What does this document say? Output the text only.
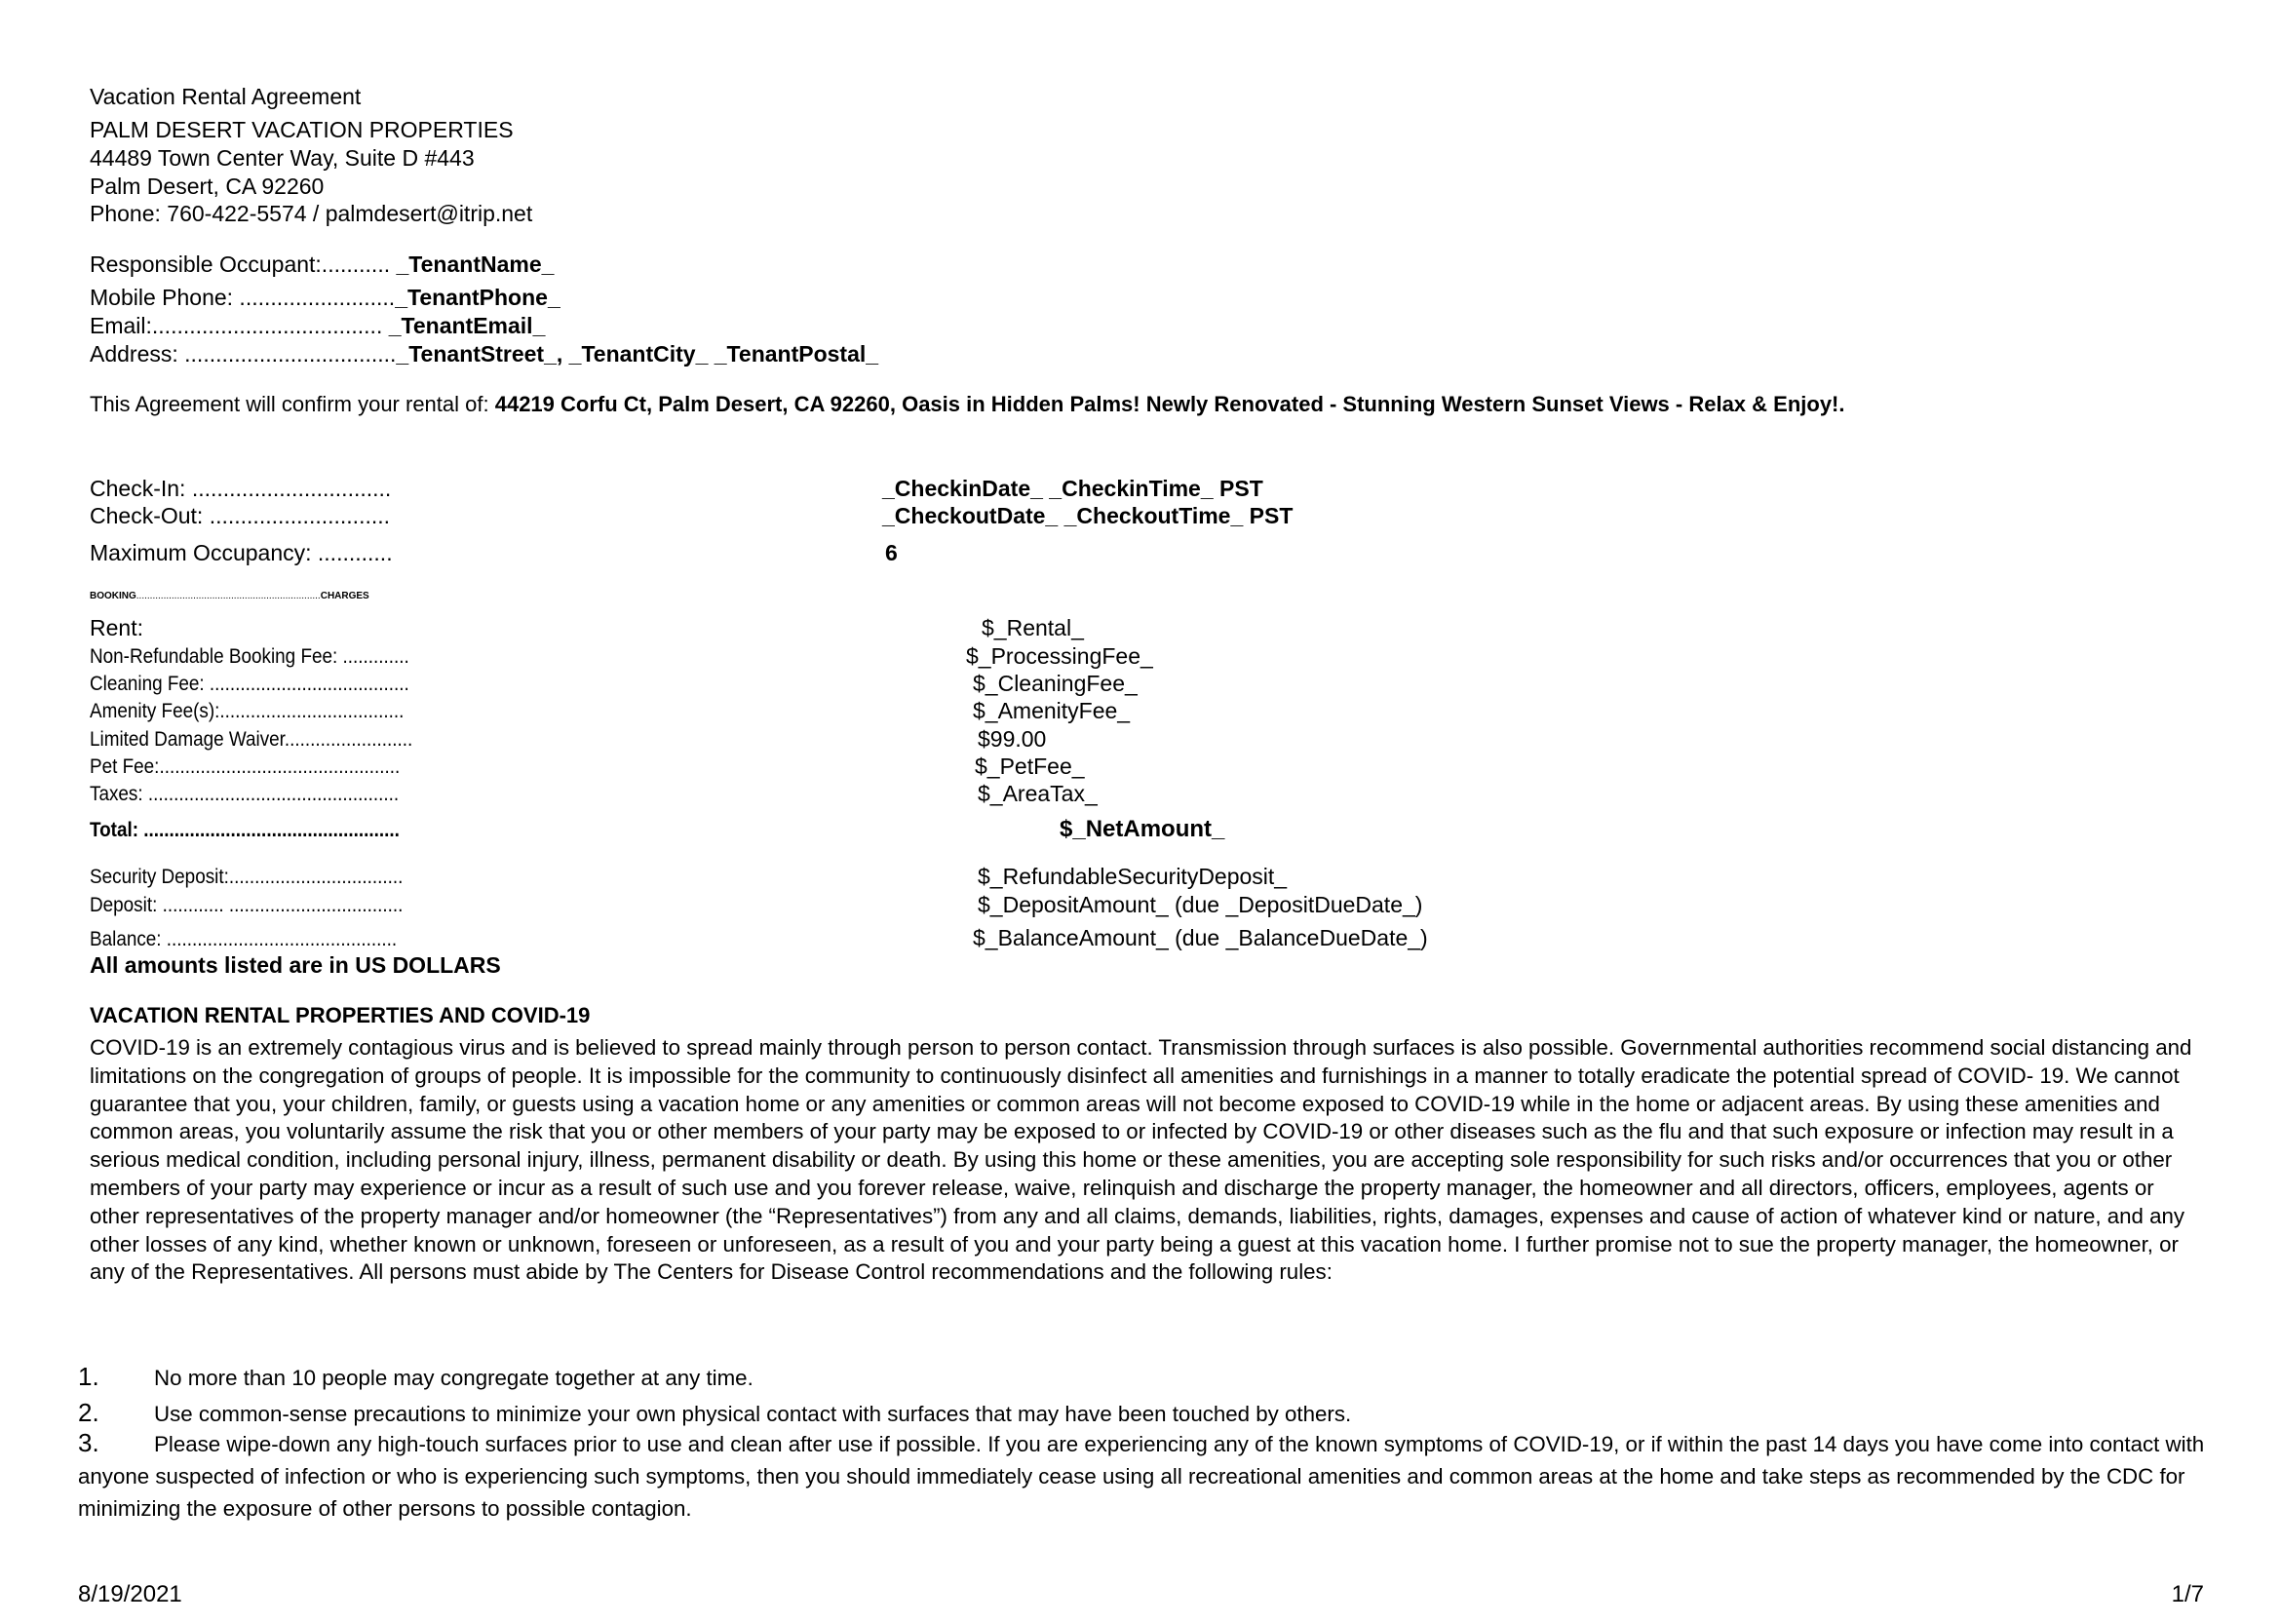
Vacation Rental Agreement
PALM DESERT VACATION PROPERTIES
44489 Town Center Way, Suite D #443
Palm Desert, CA 92260
Phone: 760-422-5574 / palmdesert@itrip.net
Responsible Occupant:........... _TenantName_
Mobile Phone: ........................._TenantPhone_
Email:..................................... _TenantEmail_
Address: .................................._TenantStreet_, _TenantCity_ _TenantPostal_
This Agreement will confirm your rental of: 44219 Corfu Ct, Palm Desert, CA 92260, Oasis in Hidden Palms! Newly Renovated - Stunning Western Sunset Views - Relax & Enjoy!.
Check-In: ................................	_CheckinDate_ _CheckinTime_ PST
Check-Out: .............................	_CheckoutDate_ _CheckoutTime_ PST
Maximum Occupancy: ............	6
BOOKING....................................................................CHARGES
Rent:	$_Rental_
Non-Refundable Booking Fee: .............	$_ProcessingFee_
Cleaning Fee: .......................................	$_CleaningFee_
Amenity Fee(s):....................................	$_AmenityFee_
Limited Damage Waiver.........................	$99.00
Pet Fee:...............................................	$_PetFee_
Taxes: .................................................	$_AreaTax_
Total: ..................................................	$_NetAmount_
Security Deposit:..................................	$_RefundableSecurityDeposit_
Deposit: ............ ..................................	$_DepositAmount_ (due _DepositDueDate_)
Balance: .............................................	$_BalanceAmount_ (due _BalanceDueDate_)
All amounts listed are in US DOLLARS
VACATION RENTAL PROPERTIES AND COVID-19
COVID-19 is an extremely contagious virus and is believed to spread mainly through person to person contact. Transmission through surfaces is also possible. Governmental authorities recommend social distancing and limitations on the congregation of groups of people. It is impossible for the community to continuously disinfect all amenities and furnishings in a manner to totally eradicate the potential spread of COVID- 19. We cannot guarantee that you, your children, family, or guests using a vacation home or any amenities or common areas will not become exposed to COVID-19 while in the home or adjacent areas. By using these amenities and common areas, you voluntarily assume the risk that you or other members of your party may be exposed to or infected by COVID-19 or other diseases such as the flu and that such exposure or infection may result in a serious medical condition, including personal injury, illness, permanent disability or death. By using this home or these amenities, you are accepting sole responsibility for such risks and/or occurrences that you or other members of your party may experience or incur as a result of such use and you forever release, waive, relinquish and discharge the property manager, the homeowner and all directors, officers, employees, agents or other representatives of the property manager and/or homeowner (the “Representatives”) from any and all claims, demands, liabilities, rights, damages, expenses and cause of action of whatever kind or nature, and any other losses of any kind, whether known or unknown, foreseen or unforeseen, as a result of you and your party being a guest at this vacation home. I further promise not to sue the property manager, the homeowner, or any of the Representatives. All persons must abide by The Centers for Disease Control recommendations and the following rules:
1.	No more than 10 people may congregate together at any time.
2.	Use common-sense precautions to minimize your own physical contact with surfaces that may have been touched by others.
3.	Please wipe-down any high-touch surfaces prior to use and clean after use if possible. If you are experiencing any of the known symptoms of COVID-19, or if within the past 14 days you have come into contact with anyone suspected of infection or who is experiencing such symptoms, then you should immediately cease using all recreational amenities and common areas at the home and take steps as recommended by the CDC for minimizing the exposure of other persons to possible contagion.
8/19/2021	1/7
